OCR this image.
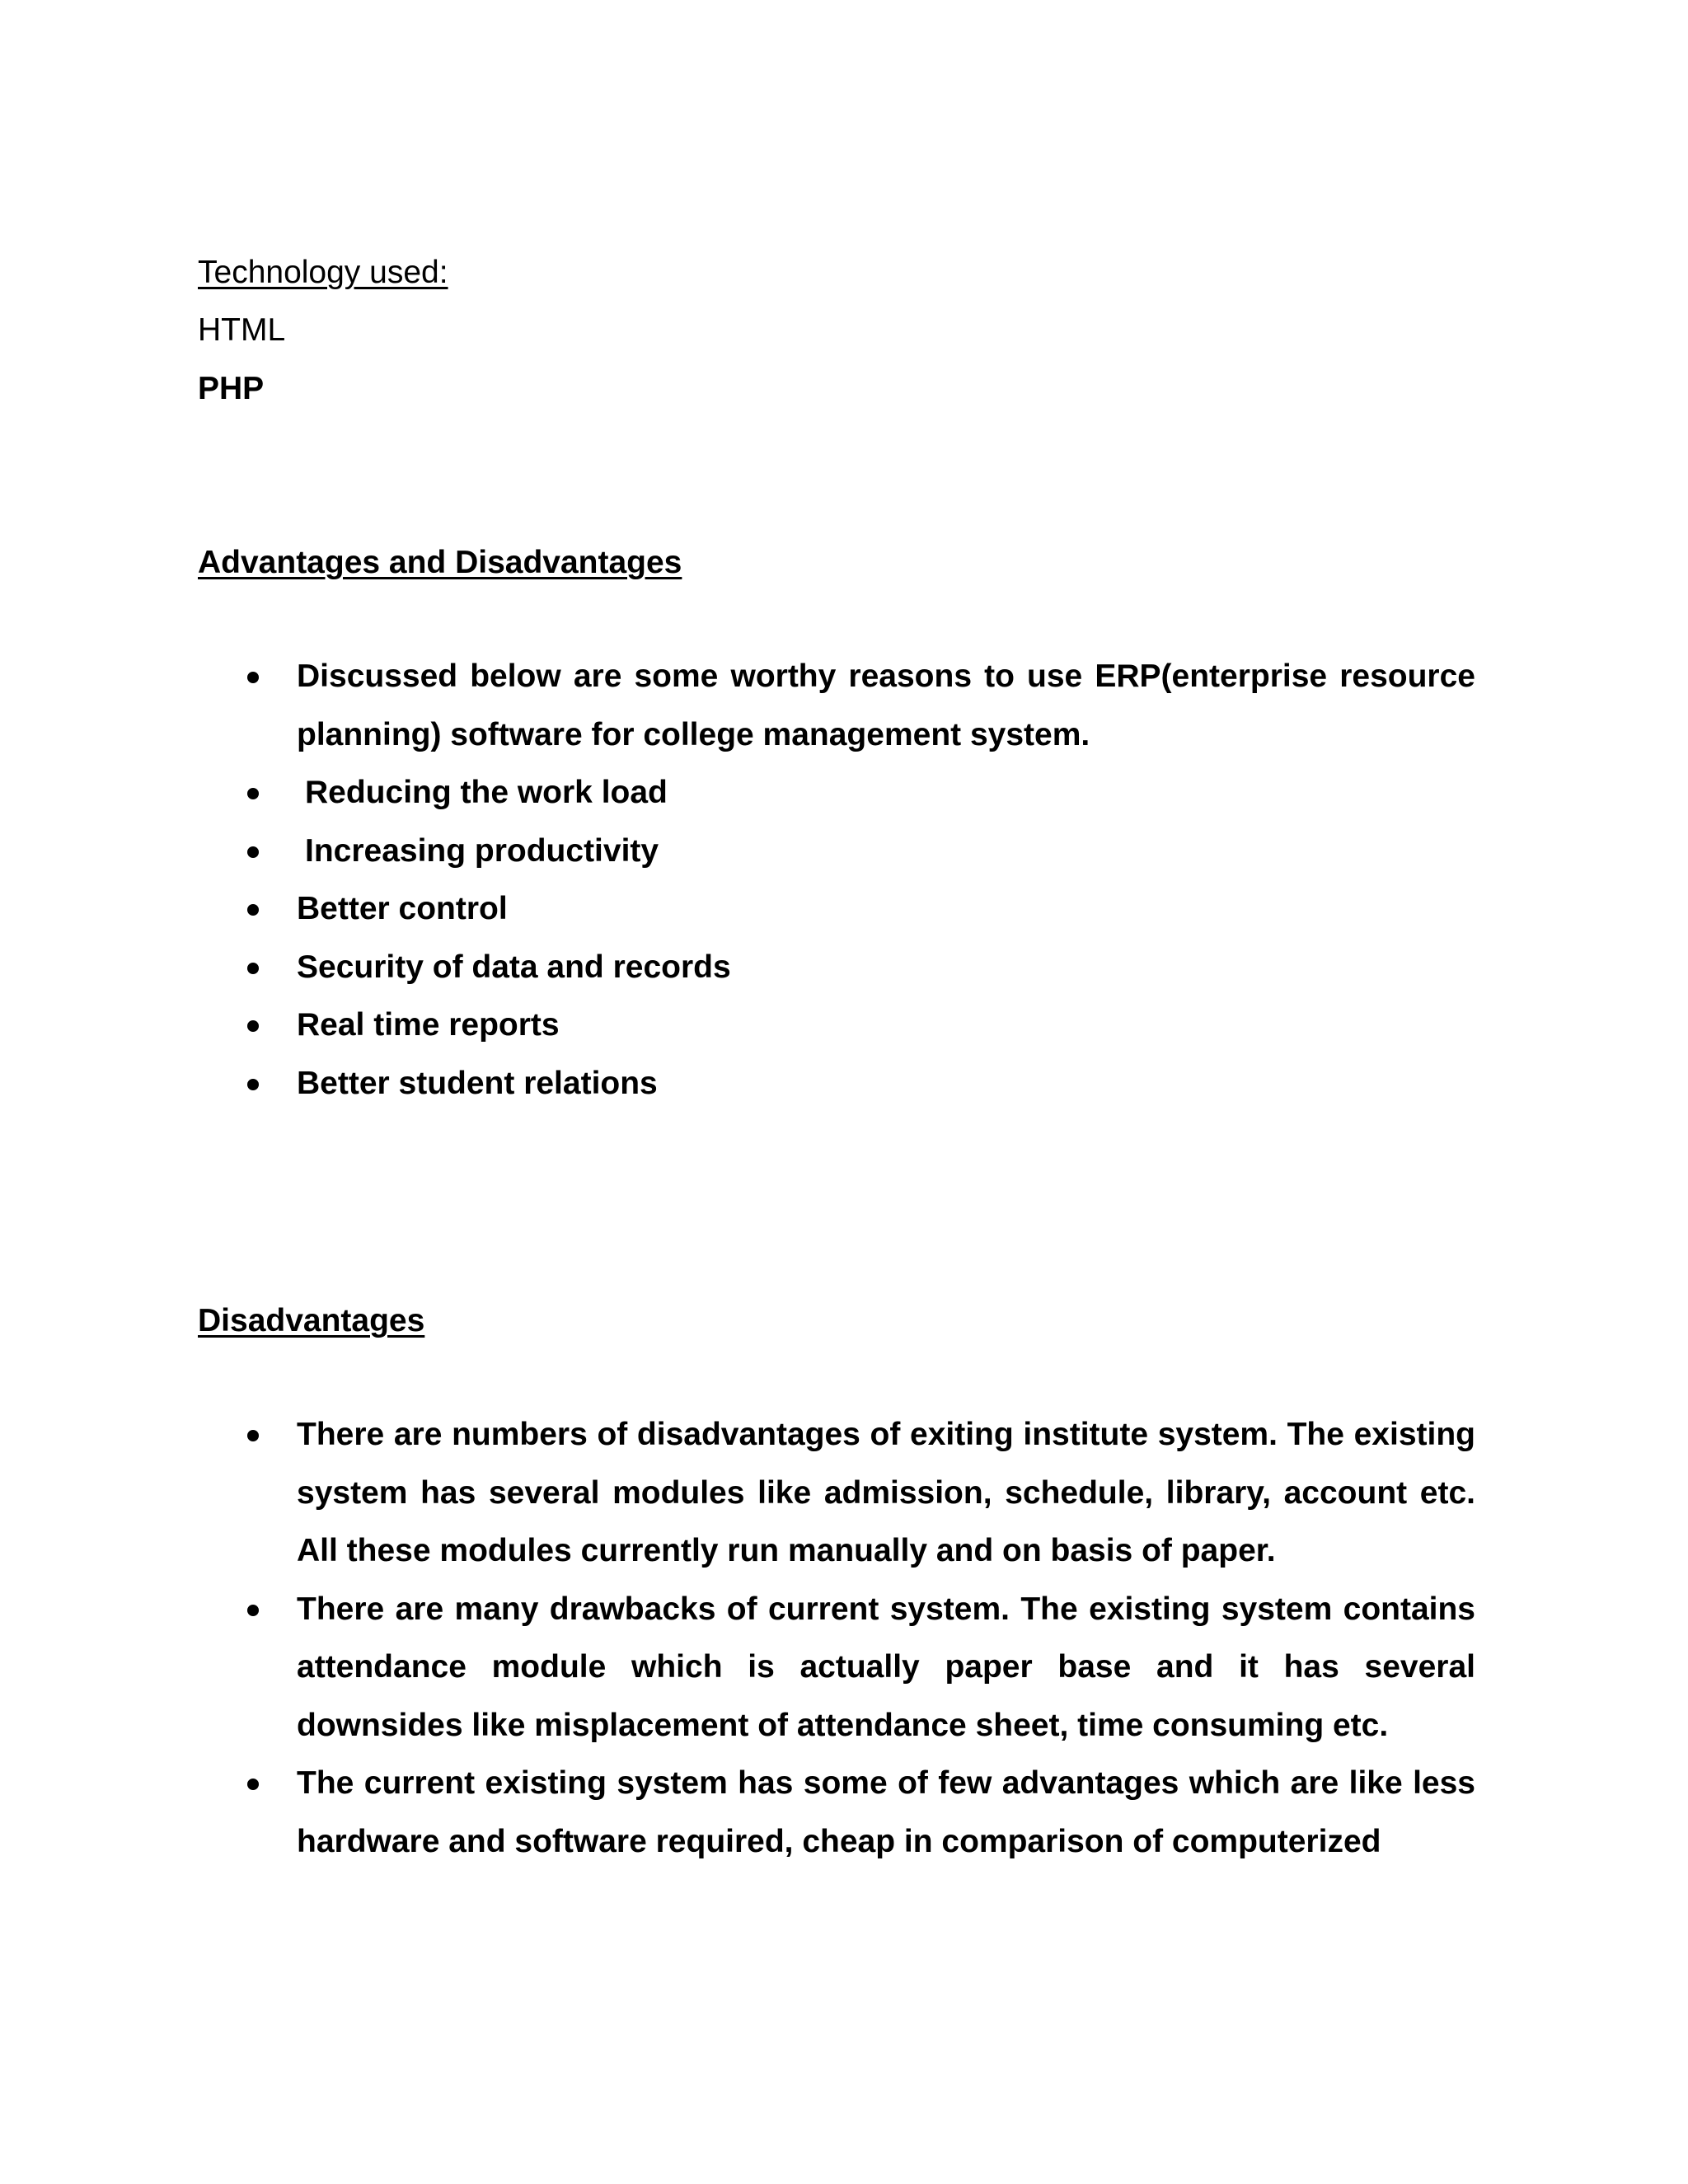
Technology used:
HTML
PHP
Advantages and Disadvantages
Discussed below are some worthy reasons to use ERP(enterprise resource planning) software for college management system.
Reducing the work load
Increasing productivity
Better control
Security of data and records
Real time reports
Better student relations
Disadvantages
There are numbers of disadvantages of exiting institute system. The existing system has several modules like admission, schedule, library, account etc. All these modules currently run manually and on basis of paper.
There are many drawbacks of current system. The existing system contains attendance module which is actually paper base and it has several downsides like misplacement of attendance sheet, time consuming etc.
The current existing system has some of few advantages which are like less hardware and software required, cheap in comparison of computerized
